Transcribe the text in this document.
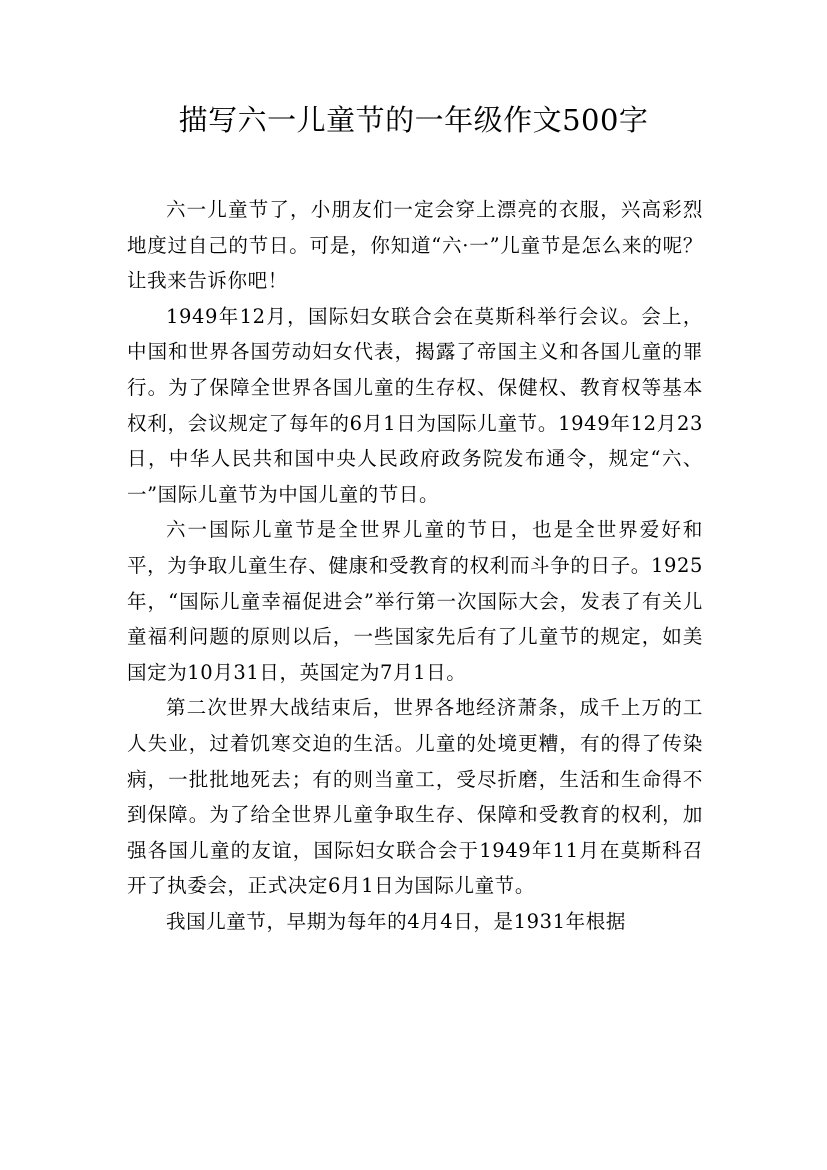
描写六一儿童节的一年级作文500字

六一儿童节了，小朋友们一定会穿上漂亮的衣服，兴高彩烈地度过自己的节日。可是，你知道“六·一”儿童节是怎么来的呢？让我来告诉你吧！

1949年12月，国际妇女联合会在莫斯科举行会议。会上，中国和世界各国劳动妇女代表，揭露了帝国主义和各国儿童的罪行。为了保障全世界各国儿童的生存权、保健权、教育权等基本权利，会议规定了每年的6月1日为国际儿童节。1949年12月23日，中华人民共和国中央人民政府政务院发布通令，规定“六、一”国际儿童节为中国儿童的节日。

六一国际儿童节是全世界儿童的节日，也是全世界爱好和平，为争取儿童生存、健康和受教育的权利而斗争的日子。1925年，“国际儿童幸福促进会”举行第一次国际大会，发表了有关儿童福利问题的原则以后，一些国家先后有了儿童节的规定，如美国定为10月31日，英国定为7月1日。

第二次世界大战结束后，世界各地经济萧条，成千上万的工人失业，过着饥寒交迫的生活。儿童的处境更糟，有的得了传染病，一批批地死去；有的则当童工，受尽折磨，生活和生命得不到保障。为了给全世界儿童争取生存、保障和受教育的权利，加强各国儿童的友谊，国际妇女联合会于1949年11月在莫斯科召开了执委会，正式决定6月1日为国际儿童节。

我国儿童节，早期为每年的4月4日，是1931年根据
